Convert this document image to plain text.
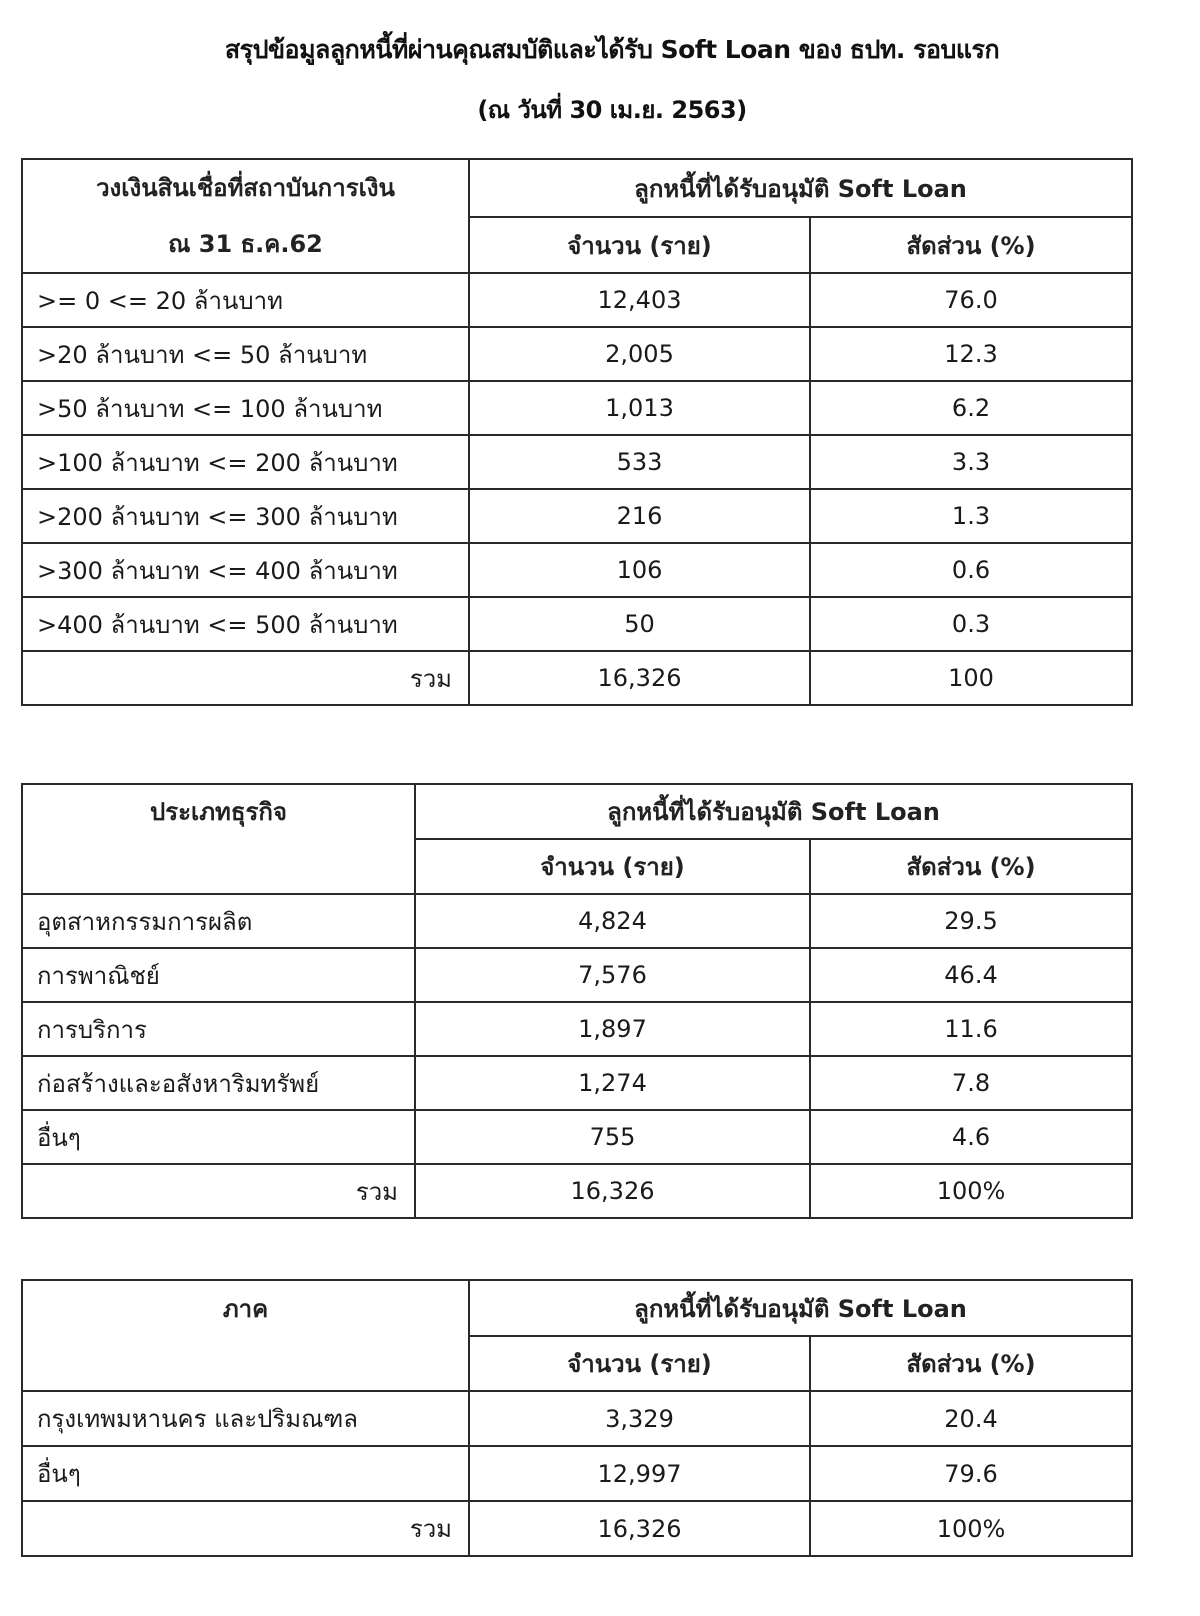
สรุปข้อมูลลูกหนี้ที่ผ่านคุณสมบัติและได้รับ Soft Loan ของ ธปท. รอบแรก
(ณ วันที่ 30 เม.ย. 2563)
วงเงินสินเชื่อที่สถาบันการเงิน
ณ 31 ธ.ค.62	ลูกหนี้ที่ได้รับอนุมัติ Soft Loan	
	จำนวน (ราย)	สัดส่วน (%)
>= 0 <= 20 ล้านบาท	12,403	76.0
>20 ล้านบาท <= 50 ล้านบาท	2,005	12.3
>50 ล้านบาท <= 100 ล้านบาท	1,013	6.2
>100 ล้านบาท <= 200 ล้านบาท	533	3.3
>200 ล้านบาท <= 300 ล้านบาท	216	1.3
>300 ล้านบาท <= 400 ล้านบาท	106	0.6
>400 ล้านบาท <= 500 ล้านบาท	50	0.3
รวม	16,326	100
ประเภทธุรกิจ	ลูกหนี้ที่ได้รับอนุมัติ Soft Loan	
	จำนวน (ราย)	สัดส่วน (%)
อุตสาหกรรมการผลิต	4,824	29.5
การพาณิชย์	7,576	46.4
การบริการ	1,897	11.6
ก่อสร้างและอสังหาริมทรัพย์	1,274	7.8
อื่นๆ	755	4.6
รวม	16,326	100%
ภาค	ลูกหนี้ที่ได้รับอนุมัติ Soft Loan	
	จำนวน (ราย)	สัดส่วน (%)
กรุงเทพมหานคร และปริมณฑล	3,329	20.4
อื่นๆ	12,997	79.6
รวม	16,326	100%
